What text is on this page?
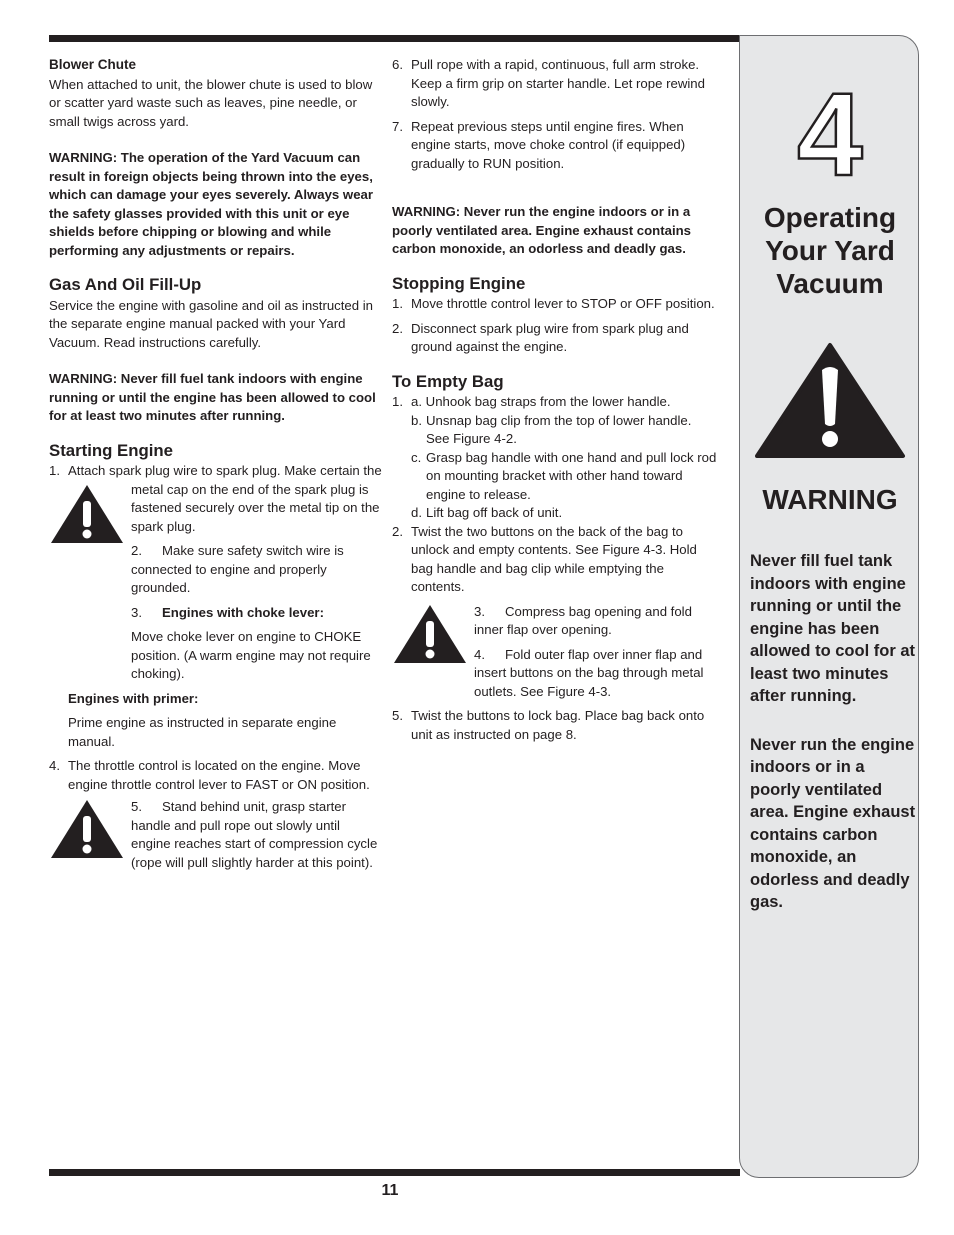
Blower Chute

When attached to unit, the blower chute is used to blow or scatter yard waste such as leaves, pine needle, or small twigs across yard.

WARNING: The operation of the Yard Vacuum can result in foreign objects being thrown into the eyes, which can damage your eyes severely. Always wear the safety glasses provided with this unit or eye shields before chipping or blowing and while performing any adjustments or repairs.

Gas And Oil Fill-Up

Service the engine with gasoline and oil as instructed in the separate engine manual packed with your Yard Vacuum. Read instructions carefully.

WARNING: Never fill fuel tank indoors with engine running or until the engine has been allowed to cool for at least two minutes after running.

Starting Engine
1. Attach spark plug wire to spark plug. Make certain the

metal cap on the end of the spark plug is fastened securely over the metal tip on the spark plug.

2. Make sure safety switch wire is connected to engine and properly grounded.

3. Engines with choke lever:

Move choke lever on engine to CHOKE position. (A warm engine may not require choking).

Engines with primer:

Prime engine as instructed in separate engine manual.

4. The throttle control is located on the engine. Move engine throttle control lever to FAST or ON position.

5. Stand behind unit, grasp starter handle and pull rope out slowly until engine reaches start of compression cycle (rope will pull slightly harder at this point).

6. Pull rope with a rapid, continuous, full arm stroke. Keep a firm grip on starter handle. Let rope rewind slowly.
7. Repeat previous steps until engine fires. When engine starts, move choke control (if equipped) gradually to RUN position.

WARNING: Never run the engine indoors or in a poorly ventilated area. Engine exhaust contains carbon monoxide, an odorless and deadly gas.

Stopping Engine
1. Move throttle control lever to STOP or OFF position.
2. Disconnect spark plug wire from spark plug and ground against the engine.
To Empty Bag
1. a. Unhook bag straps from the lower handle.
b. Unsnap bag clip from the top of lower handle. See Figure 4-2.
c. Grasp bag handle with one hand and pull lock rod on mounting bracket with other hand toward engine to release.
d. Lift bag off back of unit.
2. Twist the two buttons on the back of the bag to unlock and empty contents. See Figure 4-3. Hold bag handle and bag clip while emptying the contents.

3. Compress bag opening and fold inner flap over opening.

4. Fold outer flap over inner flap and insert buttons on the bag through metal outlets. See Figure 4-3.

5. Twist the buttons to lock bag. Place bag back onto unit as instructed on page 8.
4
Operating
Your Yard
Vacuum
WARNING

Never fill fuel tank indoors with engine running or until the engine has been allowed to cool for at least two minutes after running.

Never run the engine indoors or in a poorly ventilated area. Engine exhaust contains carbon monoxide, an odorless and deadly gas.

11
